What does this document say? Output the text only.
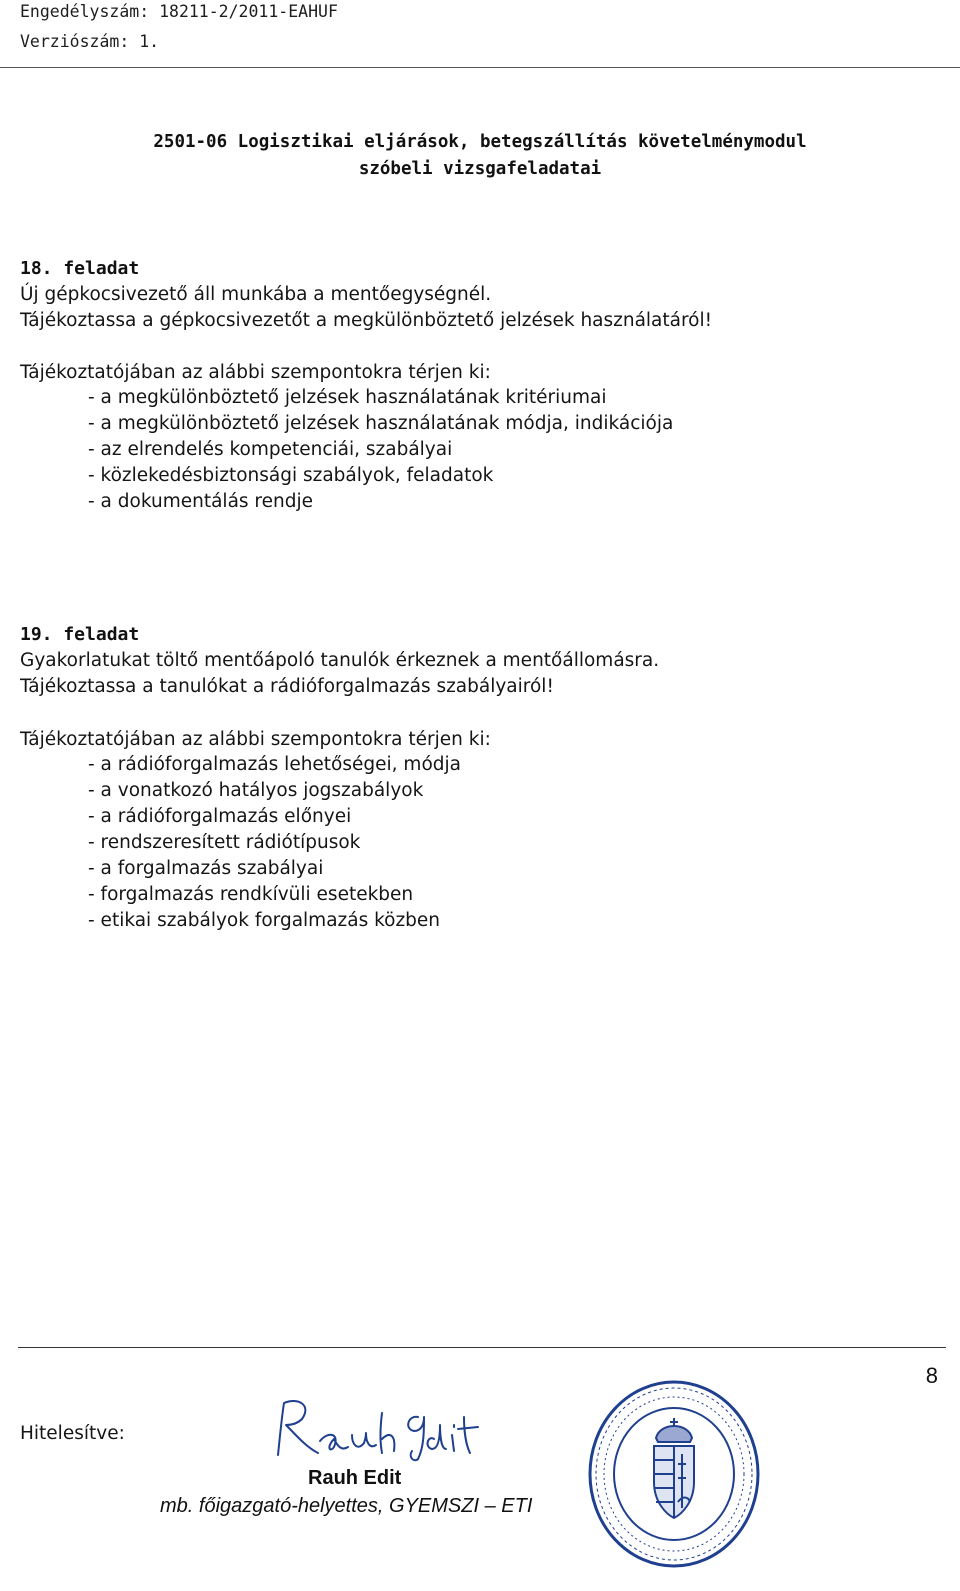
Engedélyszám: 18211-2/2011-EAHUF
Verziószám: 1.
2501-06 Logisztikai eljárások, betegszállítás követelménymodul
szóbeli vizsgafeladatai
18. feladat
Új gépkocsivezető áll munkába a mentőegységnél.
Tájékoztassa a gépkocsivezetőt a megkülönböztető jelzések használatáról!
Tájékoztatójában az alábbi szempontokra térjen ki:
- a megkülönböztető jelzések használatának kritériumai
- a megkülönböztető jelzések használatának módja, indikációja
- az elrendelés kompetenciái, szabályai
- közlekedésbiztonsági szabályok, feladatok
- a dokumentálás rendje
19. feladat
Gyakorlatukat töltő mentőápoló tanulók érkeznek a mentőállomásra.
Tájékoztassa a tanulókat a rádióforgalmazás szabályairól!
Tájékoztatójában az alábbi szempontokra térjen ki:
- a rádióforgalmazás lehetőségei, módja
- a vonatkozó hatályos jogszabályok
- a rádióforgalmazás előnyei
- rendszeresített rádiótípusok
- a forgalmazás szabályai
- forgalmazás rendkívüli esetekben
- etikai szabályok forgalmazás közben
8
Hitelesítve:
Rauh Edit
mb. főigazgató-helyettes, GYEMSZI – ETI
